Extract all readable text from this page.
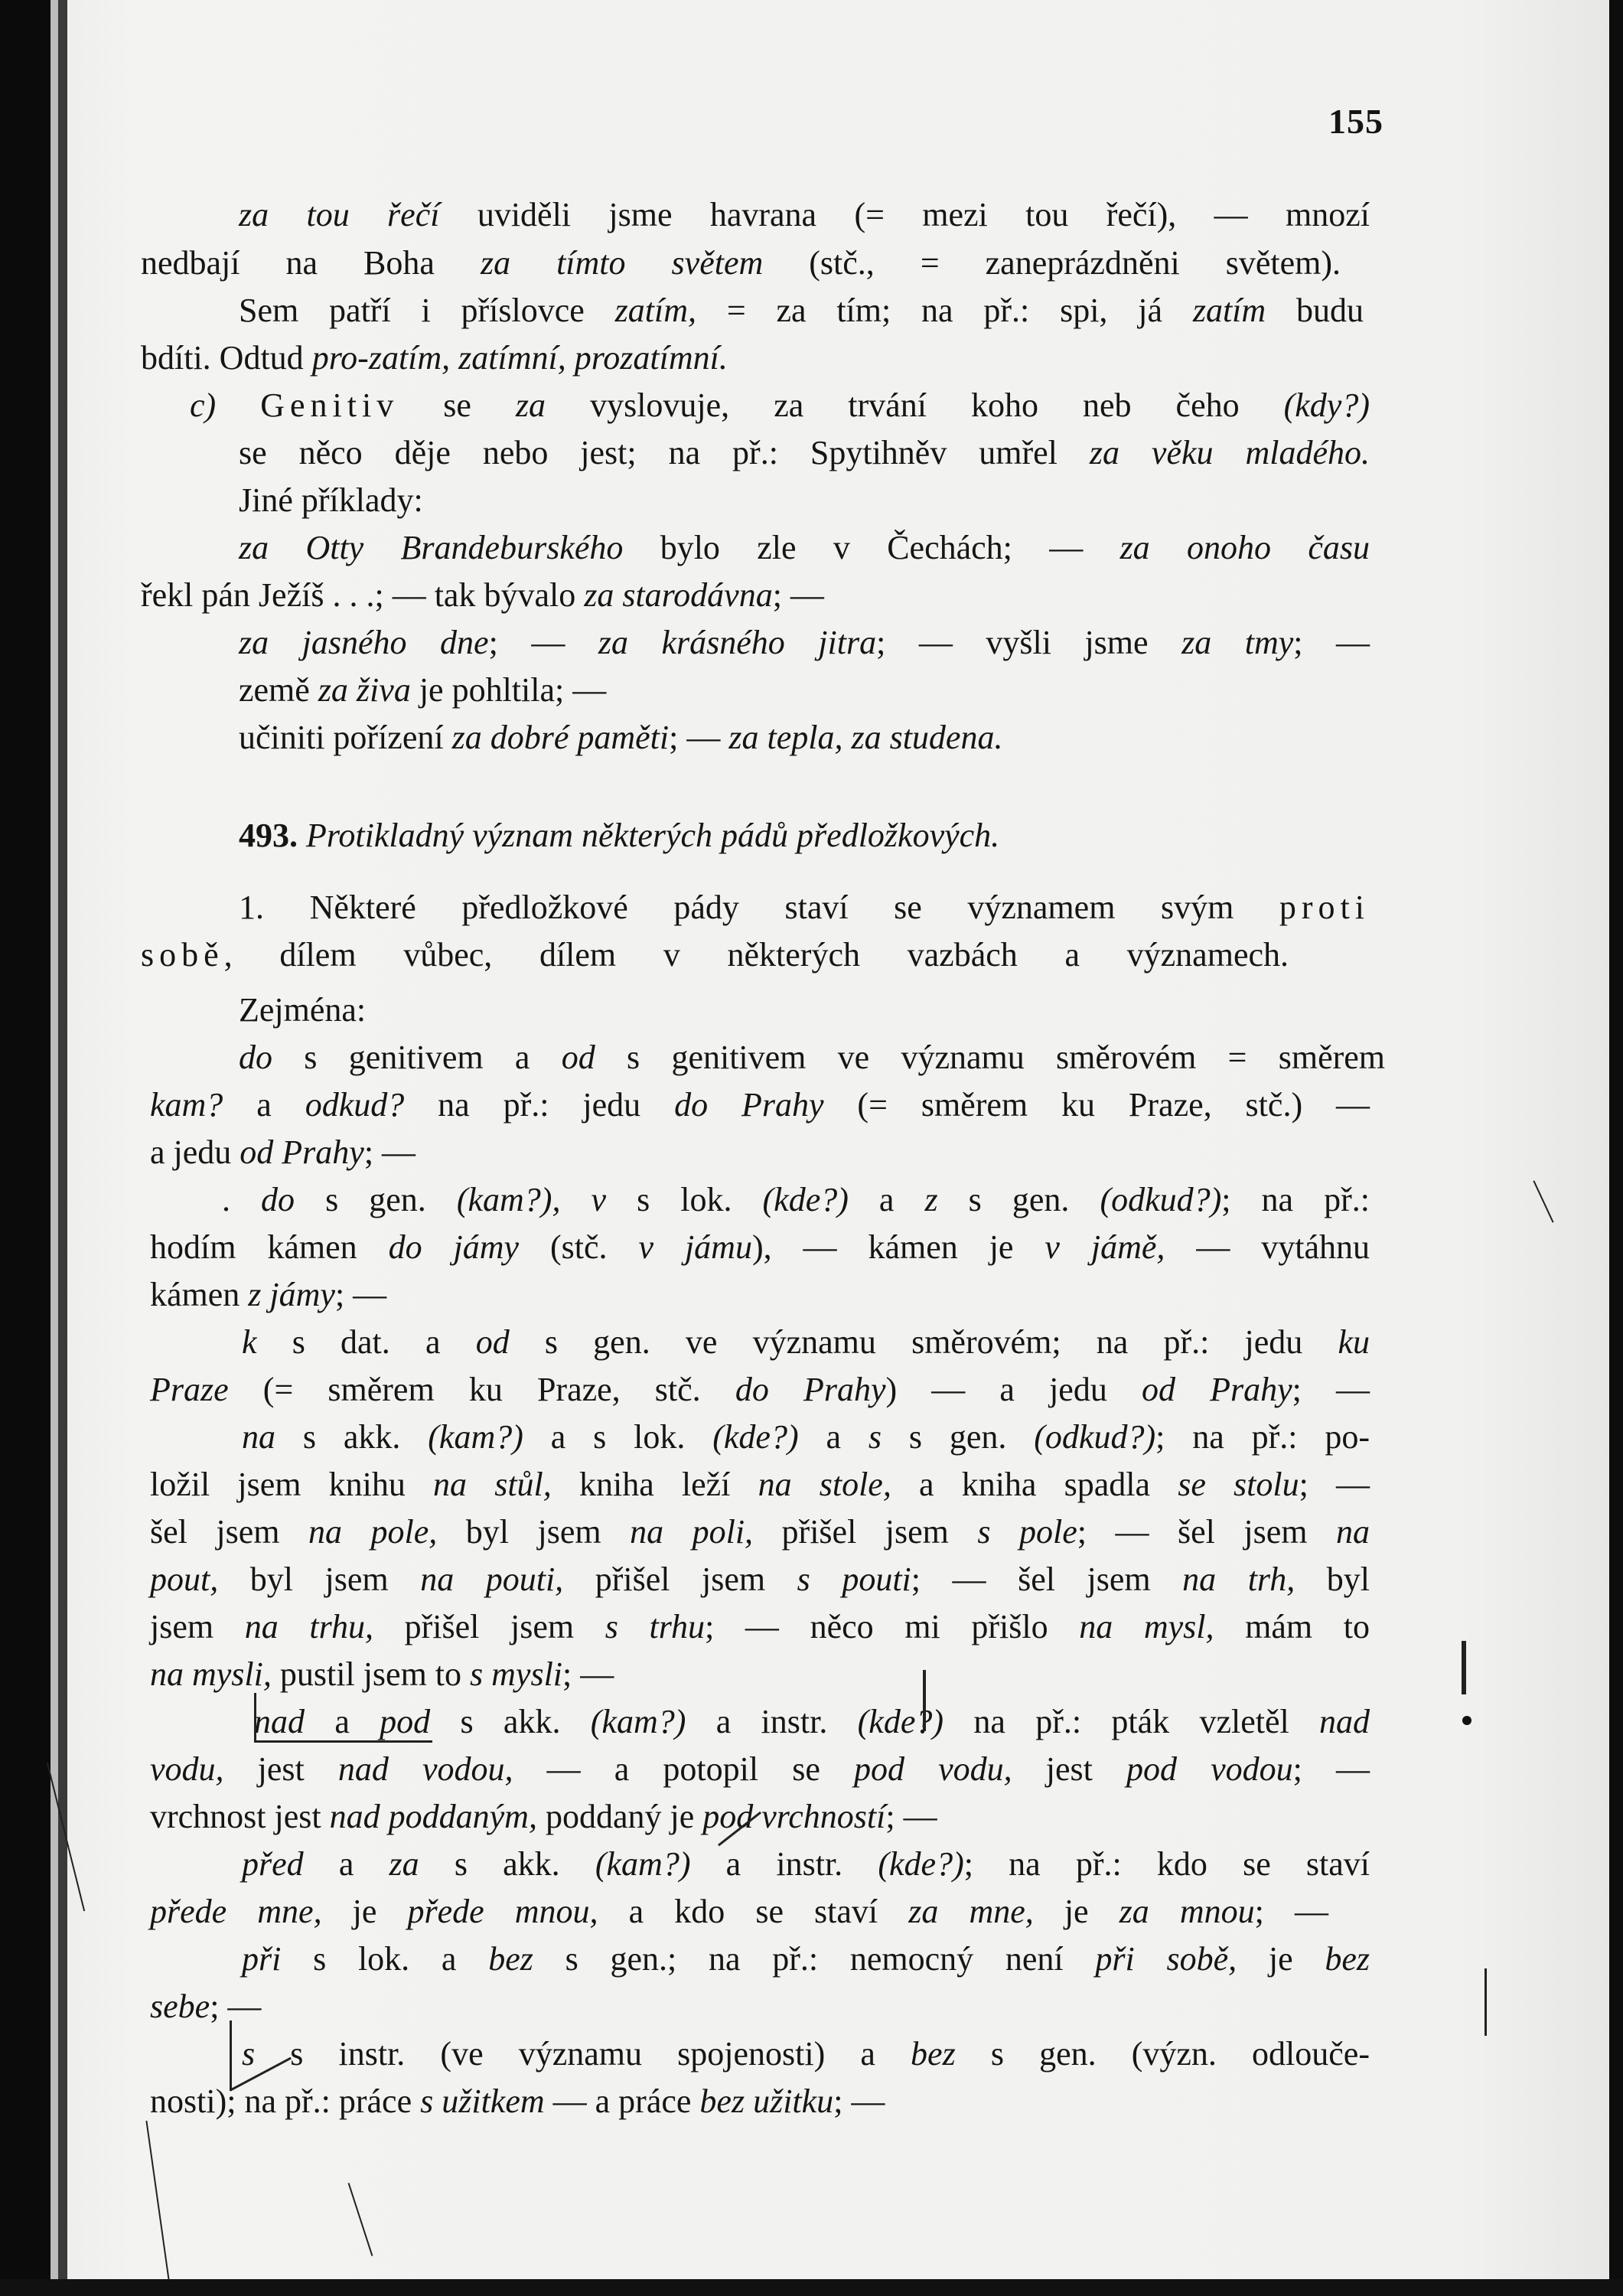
155
za tou řečí uviděli jsme havrana (= mezi tou řečí), — mnozí
nedbají na Boha za tímto světem (stč., = zaneprázdněni světem).
Sem patří i příslovce zatím, = za tím; na př.: spi, já zatím budu
bdíti. Odtud pro-zatím, zatímní, prozatímní.
c) Genitiv se za vyslovuje, za trvání koho neb čeho (kdy?)
se něco děje nebo jest; na př.: Spytihněv umřel za věku mladého.
Jiné příklady:
za Otty Brandeburského bylo zle v Čechách; — za onoho času
řekl pán Ježíš . . .; — tak bývalo za starodávna; —
za jasného dne; — za krásného jitra; — vyšli jsme za tmy; —
země za živa je pohltila; —
učiniti pořízení za dobré paměti; — za tepla, za studena.
493. Protikladný význam některých pádů předložkových.
1. Některé předložkové pády staví se významem svým proti
sobě, dílem vůbec, dílem v některých vazbách a významech.
Zejména:
do s genitivem a od s genitivem ve významu směrovém = směrem
kam? a odkud? na př.: jedu do Prahy (= směrem ku Praze, stč.) —
a jedu od Prahy; —
. do s gen. (kam?), v s lok. (kde?) a z s gen. (odkud?); na př.:
hodím kámen do jámy (stč. v jámu), — kámen je v jámě, — vytáhnu
kámen z jámy; —
k s dat. a od s gen. ve významu směrovém; na př.: jedu ku
Praze (= směrem ku Praze, stč. do Prahy) — a jedu od Prahy; —
na s akk. (kam?) a s lok. (kde?) a s s gen. (odkud?); na př.: po-
ložil jsem knihu na stůl, kniha leží na stole, a kniha spadla se stolu; —
šel jsem na pole, byl jsem na poli, přišel jsem s pole; — šel jsem na
pout, byl jsem na pouti, přišel jsem s pouti; — šel jsem na trh, byl
jsem na trhu, přišel jsem s trhu; — něco mi přišlo na mysl, mám to
na mysli, pustil jsem to s mysli; —
nad a pod s akk. (kam?) a instr. (kde?) na př.: pták vzletěl nad
vodu, jest nad vodou, — a potopil se pod vodu, jest pod vodou; —
vrchnost jest nad poddaným, poddaný je pod vrchností; —
před a za s akk. (kam?) a instr. (kde?); na př.: kdo se staví
přede mne, je přede mnou, a kdo se staví za mne, je za mnou; —
při s lok. a bez s gen.; na př.: nemocný není při sobě, je bez
sebe; —
s s instr. (ve významu spojenosti) a bez s gen. (význ. odloučе-
nosti); na př.: práce s užitkem — a práce bez užitku; —
